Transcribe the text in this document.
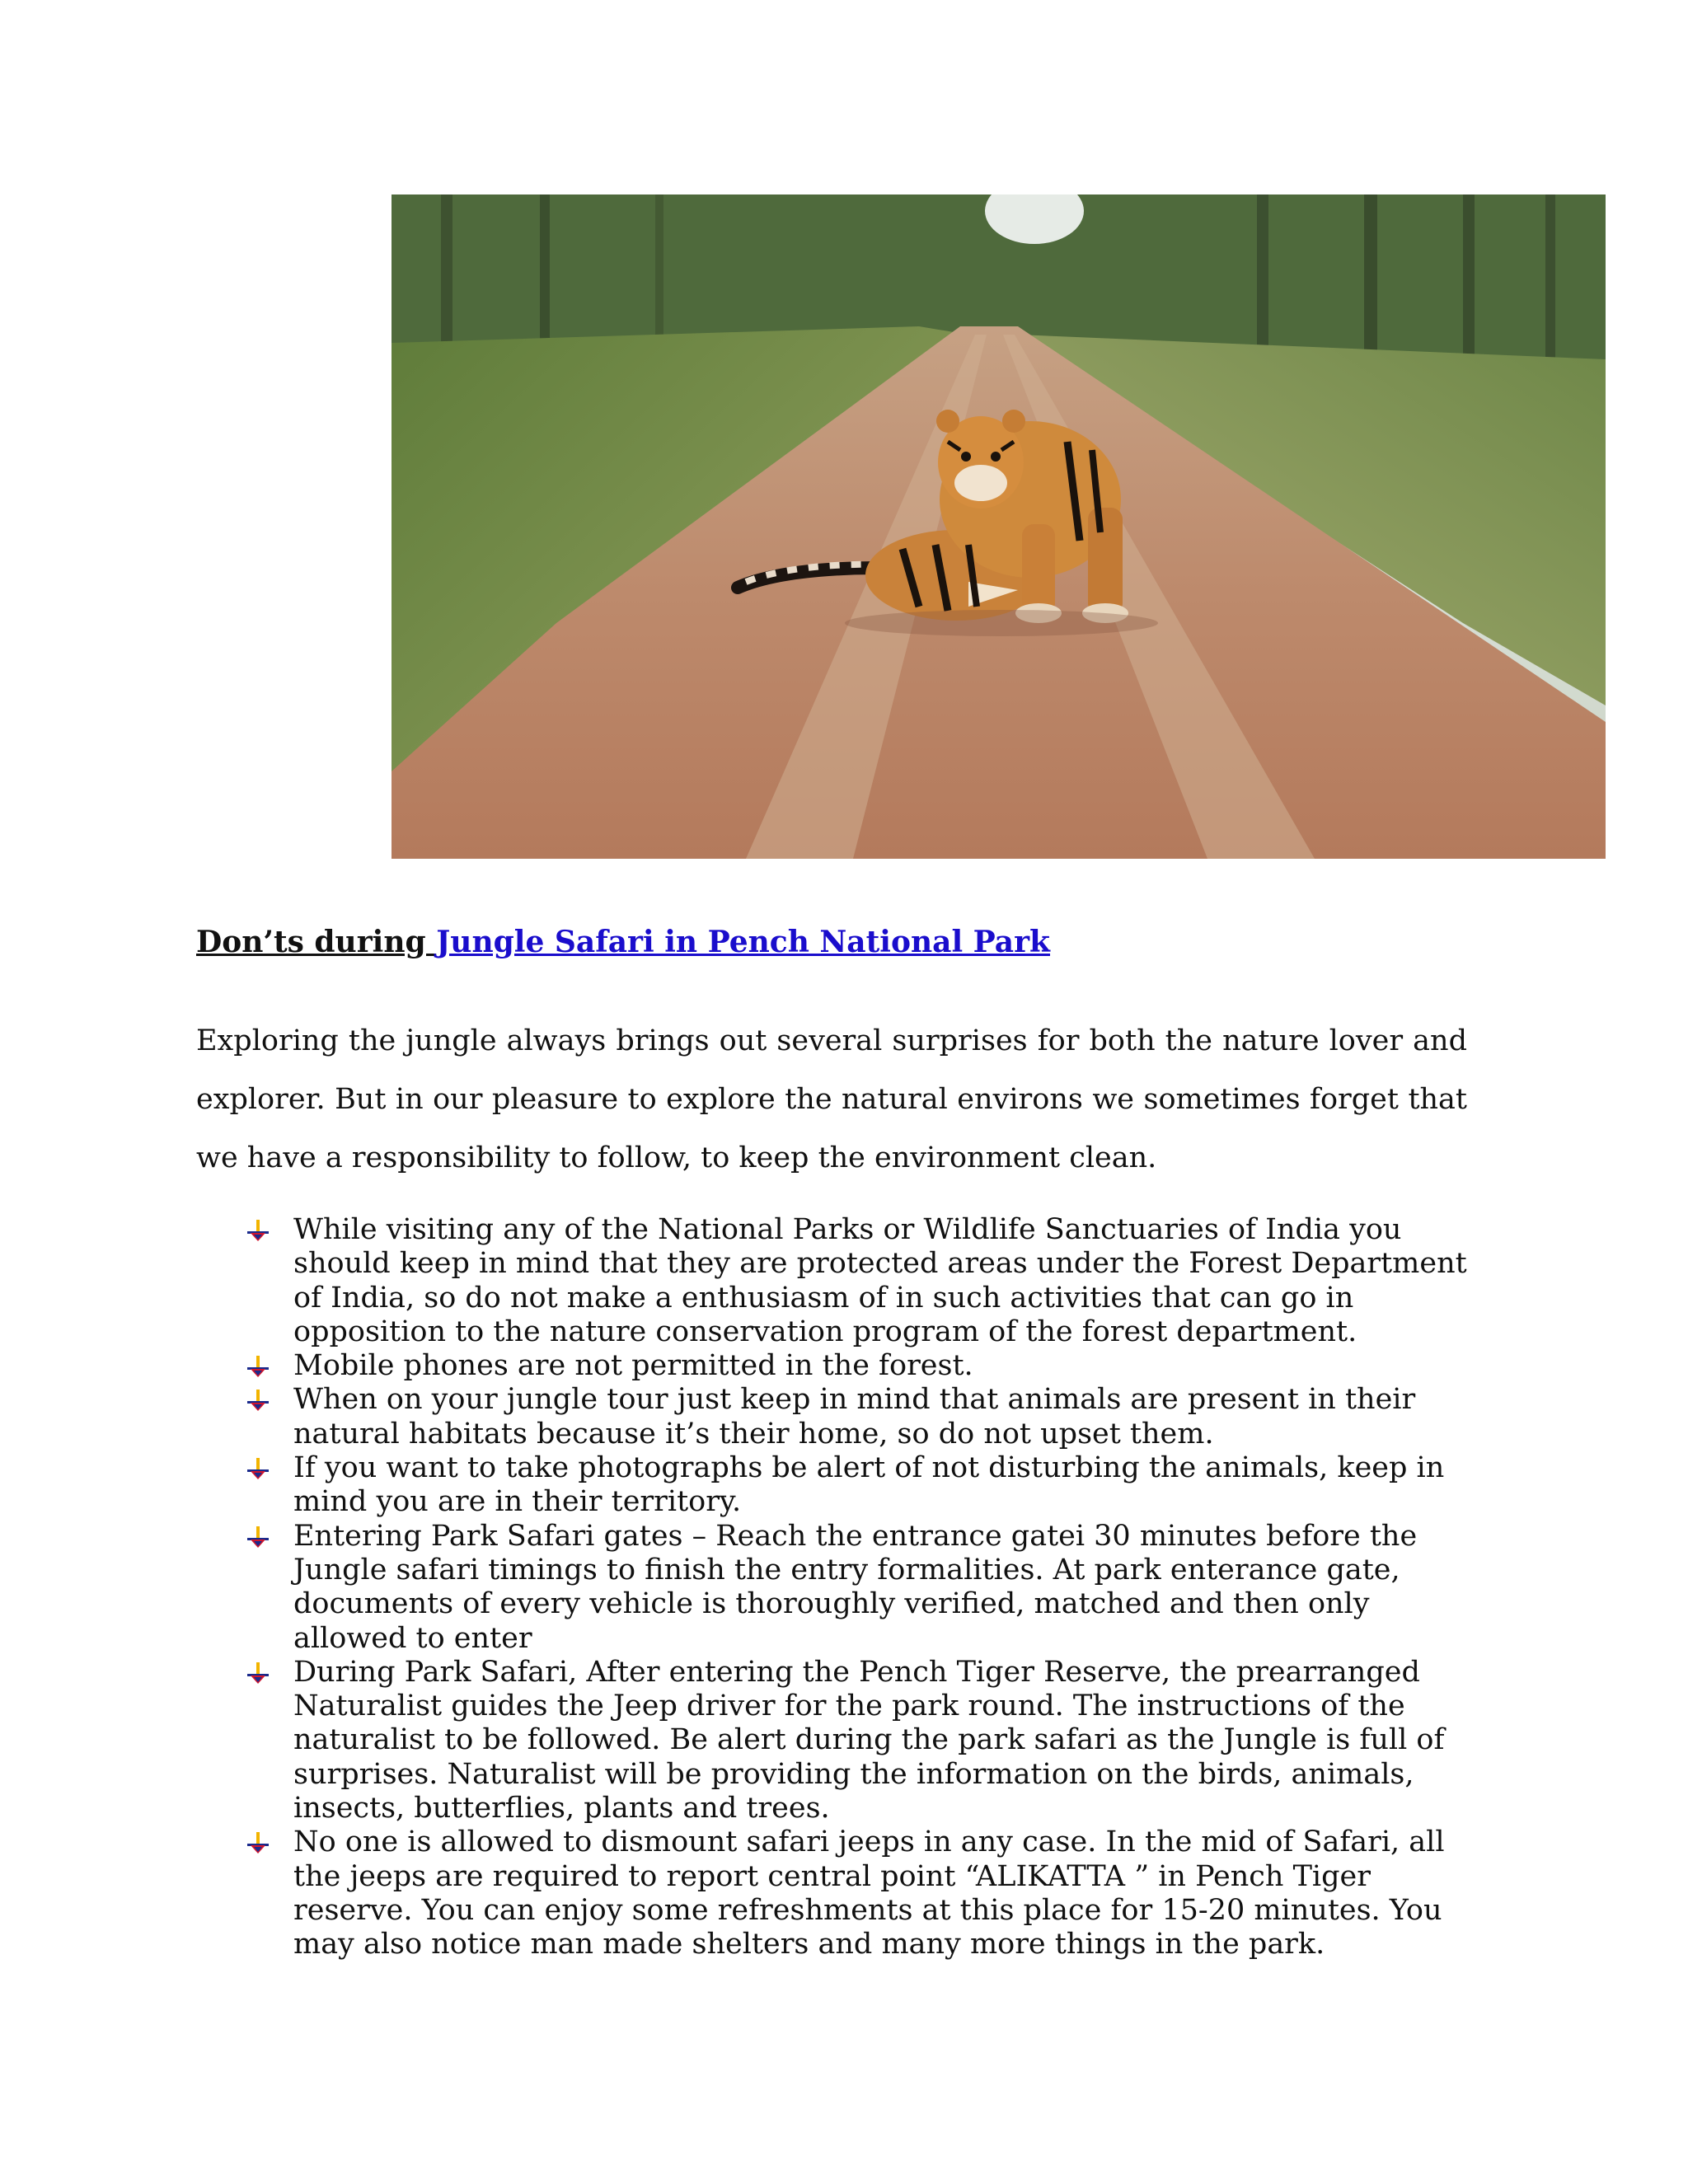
Don’ts during Jungle Safari in Pench National Park

Exploring the jungle always brings out several surprises for both the nature lover and explorer. But in our pleasure to explore the natural environs we sometimes forget that we have a responsibility to follow, to keep the environment clean.

While visiting any of the National Parks or Wildlife Sanctuaries of India you should keep in mind that they are protected areas under the Forest Department of India, so do not make a enthusiasm of in such activities that can go in opposition to the nature conservation program of the forest department.
Mobile phones are not permitted in the forest.
When on your jungle tour just keep in mind that animals are present in their natural habitats because it’s their home, so do not upset them.
If you want to take photographs be alert of not disturbing the animals, keep in mind you are in their territory.
Entering Park Safari gates – Reach the entrance gatei 30 minutes before the Jungle safari timings to finish the entry formalities. At park enterance gate, documents of every vehicle is thoroughly verified, matched and then only allowed to enter
During Park Safari, After entering the Pench Tiger Reserve, the prearranged Naturalist guides the Jeep driver for the park round. The instructions of the naturalist to be followed. Be alert during the park safari as the Jungle is full of surprises. Naturalist will be providing the information on the birds, animals, insects, butterflies, plants and trees.
No one is allowed to dismount safari jeeps in any case. In the mid of Safari, all the jeeps are required to report central point “ALIKATTA ” in Pench Tiger reserve. You can enjoy some refreshments at this place for 15-20 minutes. You may also notice man made shelters and many more things in the park.
